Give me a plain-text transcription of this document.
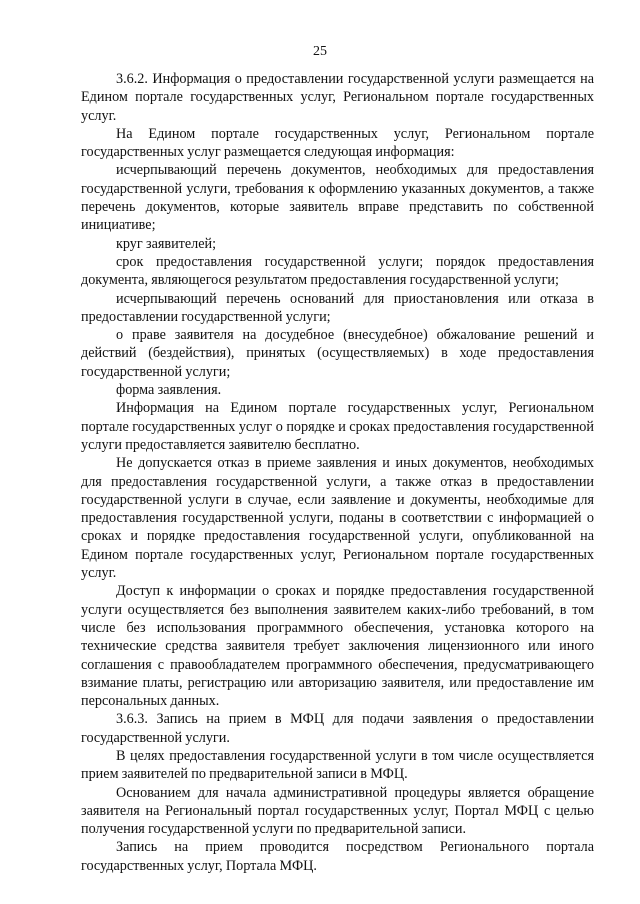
25

3.6.2. Информация о предоставлении государственной услуги размещается на Едином портале государственных услуг, Региональном портале государственных услуг.

На Едином портале государственных услуг, Региональном портале государственных услуг размещается следующая информация:

исчерпывающий перечень документов, необходимых для предоставления государственной услуги, требования к оформлению указанных документов, а также перечень документов, которые заявитель вправе представить по собственной инициативе;

круг заявителей;

срок предоставления государственной услуги; порядок предоставления документа, являющегося результатом предоставления государственной услуги;

исчерпывающий перечень оснований для приостановления или отказа в предоставлении государственной услуги;

о праве заявителя на досудебное (внесудебное) обжалование решений и действий (бездействия), принятых (осуществляемых) в ходе предоставления государственной услуги;

форма заявления.

Информация на Едином портале государственных услуг, Региональном портале государственных услуг о порядке и сроках предоставления государственной услуги предоставляется заявителю бесплатно.

Не допускается отказ в приеме заявления и иных документов, необходимых для предоставления государственной услуги, а также отказ в предоставлении государственной услуги в случае, если заявление и документы, необходимые для предоставления государственной услуги, поданы в соответствии с информацией о сроках и порядке предоставления государственной услуги, опубликованной на Едином портале государственных услуг, Региональном портале государственных услуг.

Доступ к информации о сроках и порядке предоставления государственной услуги осуществляется без выполнения заявителем каких-либо требований, в том числе без использования программного обеспечения, установка которого на технические средства заявителя требует заключения лицензионного или иного соглашения с правообладателем программного обеспечения, предусматривающего взимание платы, регистрацию или авторизацию заявителя, или предоставление им персональных данных.

3.6.3. Запись на прием в МФЦ для подачи заявления о предоставлении государственной услуги.

В целях предоставления государственной услуги в том числе осуществляется прием заявителей по предварительной записи в МФЦ.

Основанием для начала административной процедуры является обращение заявителя на Региональный портал государственных услуг, Портал МФЦ с целью получения государственной услуги по предварительной записи.

Запись на прием проводится посредством Регионального портала государственных услуг, Портала МФЦ.
